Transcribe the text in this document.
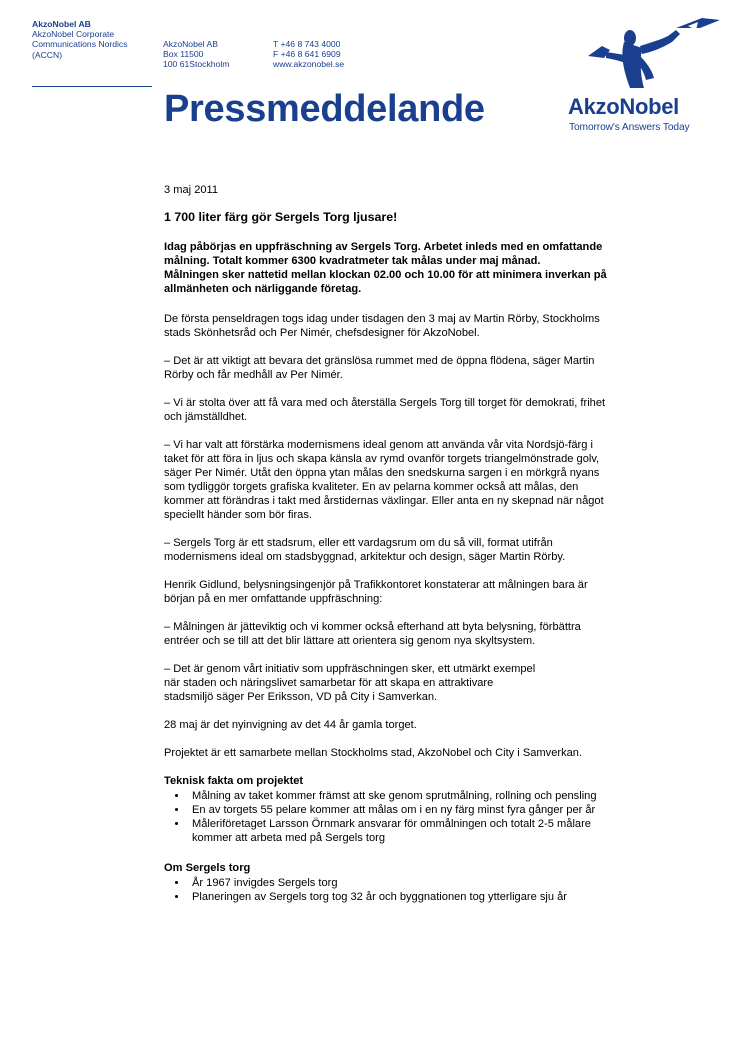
AkzoNobel AB
AkzoNobel Corporate
Communications Nordics
(ACCN)
AkzoNobel AB
Box 11500
100 61Stockholm
T +46 8 743 4000
F +46 8 641 6909
www.akzonobel.se
Pressmeddelande	AkzoNobel
Tomorrow's Answers Today

3 maj 2011

1 700 liter färg gör Sergels Torg ljusare!

Idag påbörjas en uppfräschning av Sergels Torg. Arbetet inleds med en omfattande
målning. Totalt kommer 6300 kvadratmeter tak målas under maj månad.
Målningen sker nattetid mellan klockan 02.00 och 10.00 för att minimera inverkan på
allmänheten och närliggande företag.

De första penseldragen togs idag under tisdagen den 3 maj av Martin Rörby, Stockholms
stads Skönhetsråd och Per Nimér, chefsdesigner för AkzoNobel.

– Det är att viktigt att bevara det gränslösa rummet med de öppna flödena, säger Martin
Rörby och får medhåll av Per Nimér.

– Vi är stolta över att få vara med och återställa Sergels Torg till torget för demokrati, frihet
och jämställdhet.

– Vi har valt att förstärka modernismens ideal genom att använda vår vita Nordsjö-färg i
taket för att föra in ljus och skapa känsla av rymd ovanför torgets triangelmönstrade golv,
säger Per Nimér. Utåt den öppna ytan målas den snedskurna sargen i en mörkgrå nyans
som tydliggör torgets grafiska kvaliteter. En av pelarna kommer också att målas, den
kommer att förändras i takt med årstidernas växlingar. Eller anta en ny skepnad när något
speciellt händer som bör firas.

– Sergels Torg är ett stadsrum, eller ett vardagsrum om du så vill, format utifrån
modernismens ideal om stadsbyggnad, arkitektur och design, säger Martin Rörby.

Henrik Gidlund, belysningsingenjör på Trafikkontoret konstaterar att målningen bara är
början på en mer omfattande uppfräschning:

– Målningen är jätteviktig och vi kommer också efterhand att byta belysning, förbättra
entréer och se till att det blir lättare att orientera sig genom nya skyltsystem.

– Det är genom vårt initiativ som uppfräschningen sker, ett utmärkt exempel
när staden och näringslivet samarbetar för att skapa en attraktivare
stadsmiljö säger Per Eriksson, VD på City i Samverkan.

28 maj är det nyinvigning av det 44 år gamla torget.

Projektet är ett samarbete mellan Stockholms stad, AkzoNobel och City i Samverkan.

Teknisk fakta om projektet

• Målning av taket kommer främst att ske genom sprutmålning, rollning och pensling
• En av torgets 55 pelare kommer att målas om i en ny färg minst fyra gånger per år
• Måleriföretaget Larsson Örnmark ansvarar för ommålningen och totalt 2-5 målare
kommer att arbeta med på Sergels torg

Om Sergels torg

• År 1967 invigdes Sergels torg
• Planeringen av Sergels torg tog 32 år och byggnationen tog ytterligare sju år
